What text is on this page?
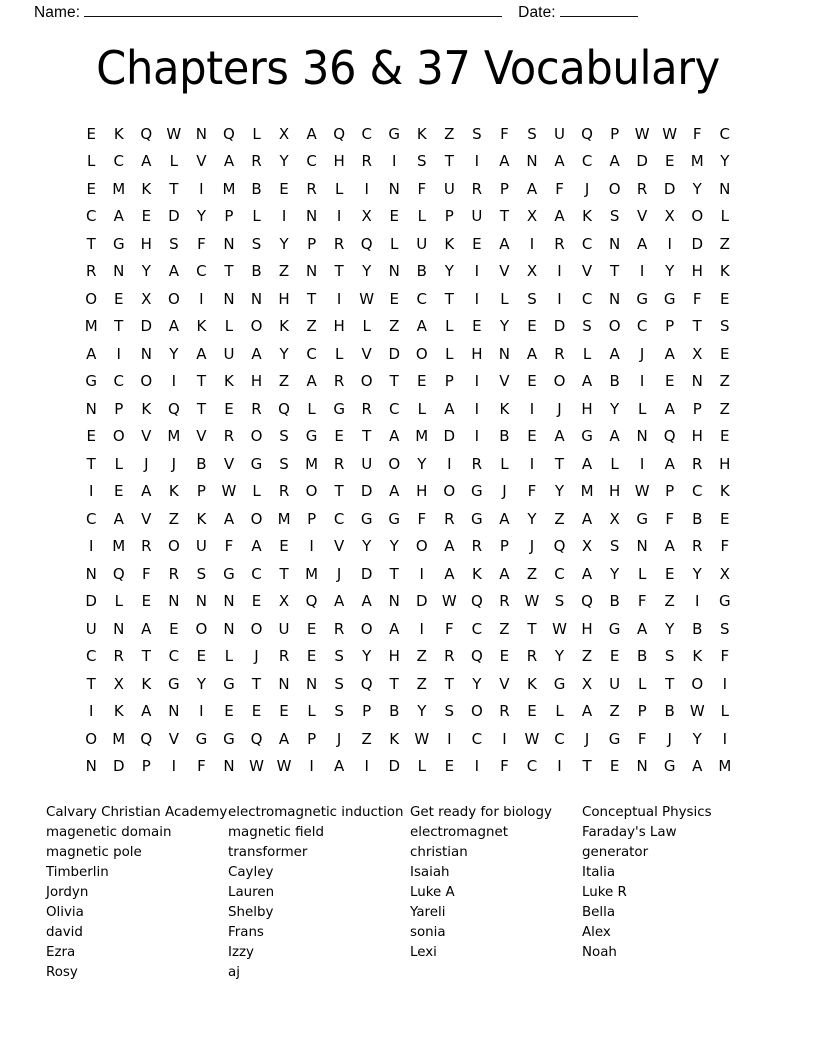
Name:	Date:
Chapters 36 & 37 Vocabulary
E	K	Q W N	Q	L	X	A	Q	C	G	K	Z	S	F	S	U	Q	P	W W	F	C
L	C	A	L	V	A	R	Y	C	H	R	I	S	T	I	A	N	A	C	A	D	E	M	Y
E	M	K	T	I	M	B	E	R	L	I	N	F	U	R	P	A	F	J	O	R	D	Y	N
C	A	E	D	Y	P	L	I	N	I	X	E	L	P	U	T	X	A	K	S	V	X	O	L
T	G	H	S	F	N	S	Y	P	R	Q	L	U	K	E	A	I	R	C	N	A	I	D	Z
R	N	Y	A	C	T	B	Z	N	T	Y	N	B	Y	I	V	X	I	V	T	I	Y	H	K
O	E	X	O	I	N	N	H	T	I	W	E	C	T	I	L	S	I	C	N	G	G	F	E
M	T	D	A	K	L	O	K	Z	H	L	Z	A	L	E	Y	E	D	S	O	C	P	T	S
A	I	N	Y	A	U	A	Y	C	L	V	D	O	L	H	N	A	R	L	A	J	A	X	E
G	C	O	I	T	K	H	Z	A	R	O	T	E	P	I	V	E	O	A	B	I	E	N	Z
N	P	K	Q	T	E	R	Q	L	G	R	C	L	A	I	K	I	J	H	Y	L	A	P	Z
E	O	V	M	V	R	O	S	G	E	T	A	M	D	I	B	E	A	G	A	N	Q	H	E
T	L	J	J	B	V	G	S	M	R	U	O	Y	I	R	L	I	T	A	L	I	A	R	H
I	E	A	K	P	W	L	R	O	T	D	A	H	O	G	J	F	Y	M	H W	P	C	K
C	A	V	Z	K	A	O	M	P	C	G	G	F	R	G	A	Y	Z	A	X	G	F	B	E
I	M	R	O	U	F	A	E	I	V	Y	Y	O	A	R	P	J	Q	X	S	N	A	R	F
N	Q	F	R	S	G	C	T	M	J	D	T	I	A	K	A	Z	C	A	Y	L	E	Y	X
D	L	E	N	N	N	E	X	Q	A	A	N	D W Q	R W	S	Q	B	F	Z	I	G
U	N	A	E	O	N	O	U	E	R	O	A	I	F	C	Z	T	W H	G	A	Y	B	S
C	R	T	C	E	L	J	R	E	S	Y	H	Z	R	Q	E	R	Y	Z	E	B	S	K	F
T	X	K	G	Y	G	T	N	N	S	Q	T	Z	T	Y	V	K	G	X	U	L	T	O	I
I	K	A	N	I	E	E	E	L	S	P	B	Y	S	O	R	E	L	A	Z	P	B W	L
O	M	Q	V	G	G	Q	A	P	J	Z	K	W	I	C	I	W C	J	G	F	J	Y	I
N	D	P	I	F	N W W	I	A	I	D	L	E	I	F	C	I	T	E	N	G	A	M
Calvary Christian Academy
magenetic domain
magnetic pole
Timberlin
Jordyn
Olivia
david
Ezra
Rosy
electromagnetic induction
magnetic field
transformer
Cayley
Lauren
Shelby
Frans
Izzy
aj
Get ready for biology
electromagnet
christian
Isaiah
Luke A
Yareli
sonia
Lexi
Conceptual Physics
Faraday's Law
generator
Italia
Luke R
Bella
Alex
Noah
